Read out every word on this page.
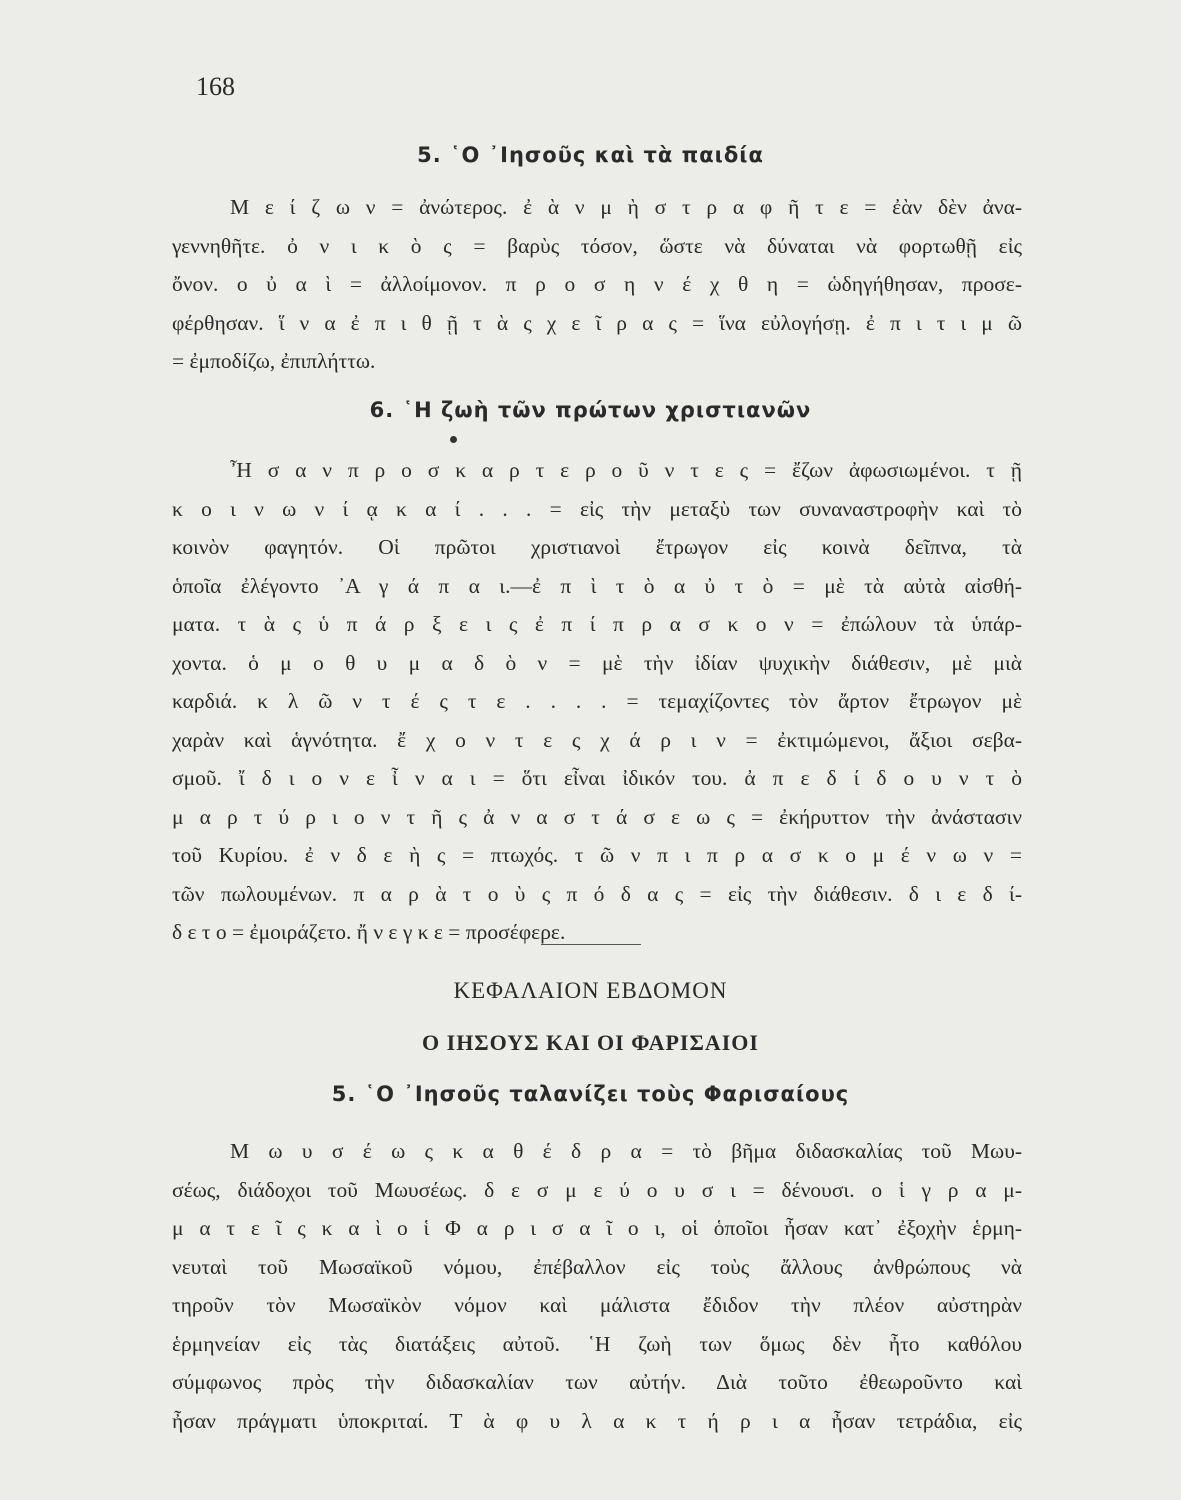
168
5. ῾Ο ᾿Ιησοῦς καὶ τὰ παιδία
Μ ε ί ζ ω ν = ἀνώτερος. ἐ ὰ ν μ ὴ σ τ ρ α φ ῆ τ ε = ἐὰν δὲν ἀνα-
γεννηθῆτε. ὀ ν ι κ ὸ ς = βαρὺς τόσον, ὥστε νὰ δύναται νὰ φορτωθῇ εἰς
ὄνον. ο ὐ α ὶ = ἀλλοίμονον. π ρ ο σ η ν έ χ θ η = ὡδηγήθησαν, προσε-
φέρθησαν. ἵ ν α ἐ π ι θ ῇ τ ὰ ς χ ε ῖ ρ α ς = ἵνα εὐλογήσῃ. ἐ π ι τ ι μ ῶ
= ἐμποδίζω, ἐπιπλήττω.
6. ῾Η ζωὴ τῶν πρώτων χριστιανῶν
Ἦ σ α ν π ρ ο σ κ α ρ τ ε ρ ο ῦ ν τ ε ς = ἔζων ἀφωσιωμένοι. τ ῇ
κ ο ι ν ω ν ί ᾳ κ α ί . . . = εἰς τὴν μεταξὺ των συναναστροφὴν καὶ τὸ
κοινὸν φαγητόν. Οἱ πρῶτοι χριστιανοὶ ἔτρωγον εἰς κοινὰ δεῖπνα, τὰ
ὁποῖα ἐλέγοντο ᾿Α γ ά π α ι.—ἐ π ὶ τ ὸ α ὐ τ ὸ = μὲ τὰ αὐτὰ αἰσθή-
ματα. τ ὰ ς ὑ π ά ρ ξ ε ι ς ἐ π ί π ρ α σ κ ο ν = ἐπώλουν τὰ ὑπάρ-
χοντα. ὁ μ ο θ υ μ α δ ὸ ν = μὲ τὴν ἰδίαν ψυχικὴν διάθεσιν, μὲ μιὰ
καρδιά. κ λ ῶ ν τ έ ς τ ε . . . . = τεμαχίζοντες τὸν ἄρτον ἔτρωγον μὲ
χαρὰν καὶ ἁγνότητα. ἔ χ ο ν τ ε ς χ ά ρ ι ν = ἐκτιμώμενοι, ἄξιοι σεβα-
σμοῦ. ἴ δ ι ο ν ε ἶ ν α ι = ὅτι εἶναι ἰδικόν του. ἀ π ε δ ί δ ο υ ν τ ὸ
μ α ρ τ ύ ρ ι ο ν τ ῆ ς ἀ ν α σ τ ά σ ε ω ς = ἐκήρυττον τὴν ἀνάστασιν
τοῦ Κυρίου. ἐ ν δ ε ὴ ς = πτωχός. τ ῶ ν π ι π ρ α σ κ ο μ έ ν ω ν =
τῶν πωλουμένων. π α ρ ὰ τ ο ὺ ς π ό δ α ς = εἰς τὴν διάθεσιν. δ ι ε δ ί-
δ ε τ ο = ἐμοιράζετο. ἤ ν ε γ κ ε = προσέφερε.
ΚΕΦΑΛΑΙΟΝ ΕΒΔΟΜΟΝ
Ο ΙΗΣΟΥΣ ΚΑΙ ΟΙ ΦΑΡΙΣΑΙΟΙ
5. ῾Ο ᾿Ιησοῦς ταλανίζει τοὺς Φαρισαίους
Μ ω υ σ έ ω ς κ α θ έ δ ρ α = τὸ βῆμα διδασκαλίας τοῦ Μωυ-
σέως, διάδοχοι τοῦ Μωυσέως. δ ε σ μ ε ύ ο υ σ ι = δένουσι. ο ἱ γ ρ α μ-
μ α τ ε ῖ ς κ α ὶ ο ἱ Φ α ρ ι σ α ῖ ο ι, οἱ ὁποῖοι ἦσαν κατ᾿ ἐξοχὴν ἑρμη-
νευταὶ τοῦ Μωσαϊκοῦ νόμου, ἐπέβαλλον εἰς τοὺς ἄλλους ἀνθρώπους νὰ
τηροῦν τὸν Μωσαϊκὸν νόμον καὶ μάλιστα ἔδιδον τὴν πλέον αὐστηρὰν
ἑρμηνείαν εἰς τὰς διατάξεις αὐτοῦ. ῾Η ζωὴ των ὅμως δὲν ἦτο καθόλου
σύμφωνος πρὸς τὴν διδασκαλίαν των αὐτήν. Διὰ τοῦτο ἐθεωροῦντο καὶ
ἦσαν πράγματι ὑποκριταί. Τ ὰ φ υ λ α κ τ ή ρ ι α ἦσαν τετράδια, εἰς
